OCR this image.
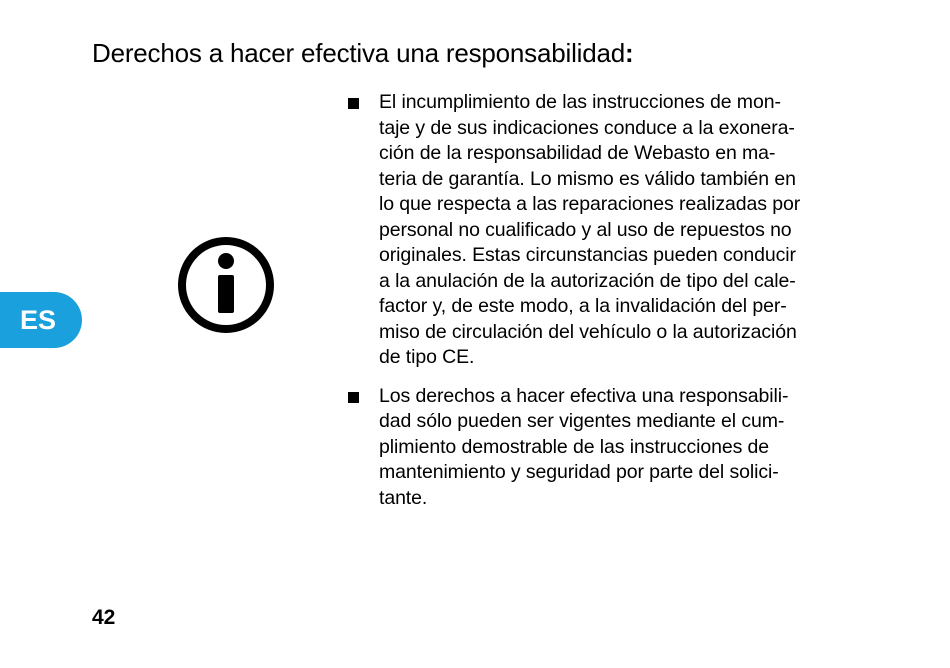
Derechos a hacer efectiva una responsabilidad:
ES
El incumplimiento de las instrucciones de mon-
taje y de sus indicaciones conduce a la exonera-
ción de la responsabilidad de Webasto en ma-
teria de garantía. Lo mismo es válido también en
lo que respecta a las reparaciones realizadas por
personal no cualificado y al uso de repuestos no
originales. Estas circunstancias pueden conducir
a la anulación de la autorización de tipo del cale-
factor y, de este modo, a la invalidación del per-
miso de circulación del vehículo o la autorización
de tipo CE.
Los derechos a hacer efectiva una responsabili-
dad sólo pueden ser vigentes mediante el cum-
plimiento demostrable de las instrucciones de
mantenimiento y seguridad por parte del solici-
tante.
42
